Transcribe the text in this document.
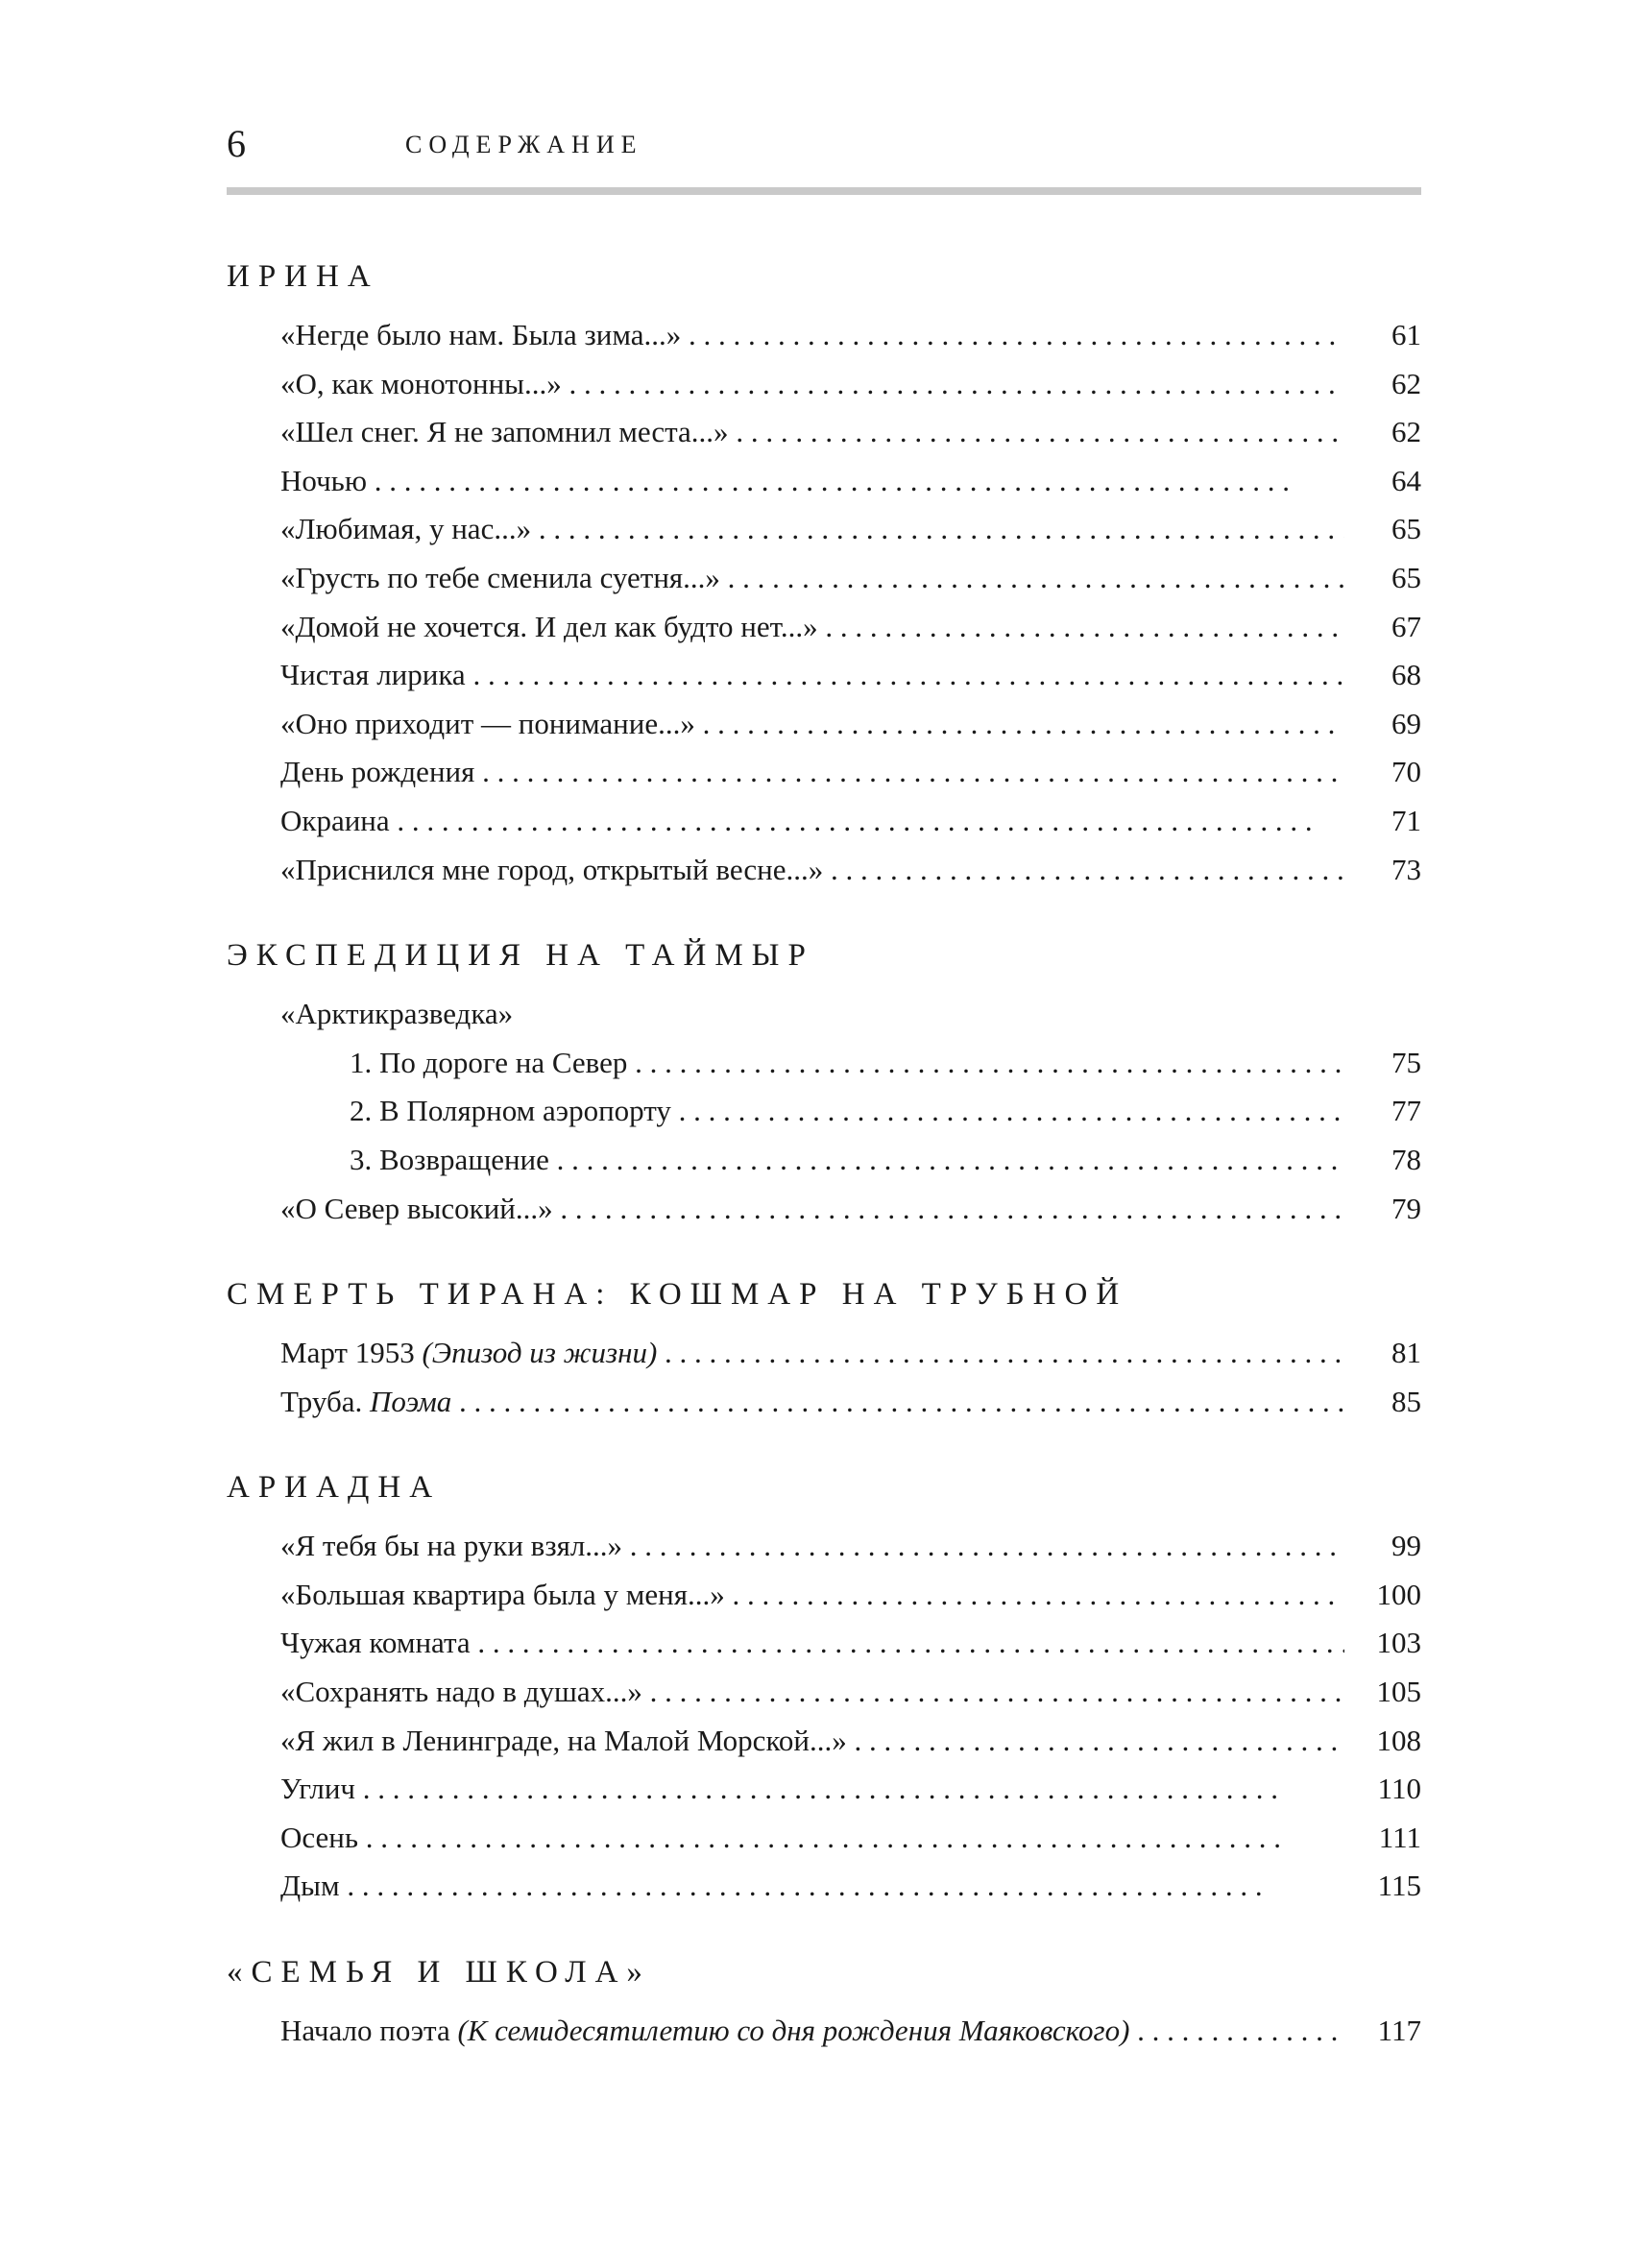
6	СОДЕРЖАНИЕ
ИРИНА
«Негде было нам. Была зима...» . .	61
«О, как монотонны...» . .	62
«Шел снег. Я не запомнил места...» . .	62
Ночью . .	64
«Любимая, у нас...» . .	65
«Грусть по тебе сменила суетня...» . .	65
«Домой не хочется. И дел как будто нет...» . .	67
Чистая лирика . .	68
«Оно приходит — понимание...» . .	69
День рождения . .	70
Окраина . .	71
«Приснился мне город, открытый весне...» . .	73
ЭКСПЕДИЦИЯ НА ТАЙМЫР
«Арктикразведка»
1. По дороге на Север . .	75
2. В Полярном аэропорту . .	77
3. Возвращение . .	78
«О Север высокий...» . .	79
СМЕРТЬ ТИРАНА: КОШМАР НА ТРУБНОЙ
Март 1953 (Эпизод из жизни) . .	81
Труба. Поэма . .	85
АРИАДНА
«Я тебя бы на руки взял...» . .	99
«Большая квартира была у меня...» . .	100
Чужая комната . .	103
«Сохранять надо в душах...» . .	105
«Я жил в Ленинграде, на Малой Морской...» . .	108
Углич . .	110
Осень . .	111
Дым . .	115
«СЕМЬЯ И ШКОЛА»
Начало поэта (К семидесятилетию со дня рождения Маяковского) . .	117
